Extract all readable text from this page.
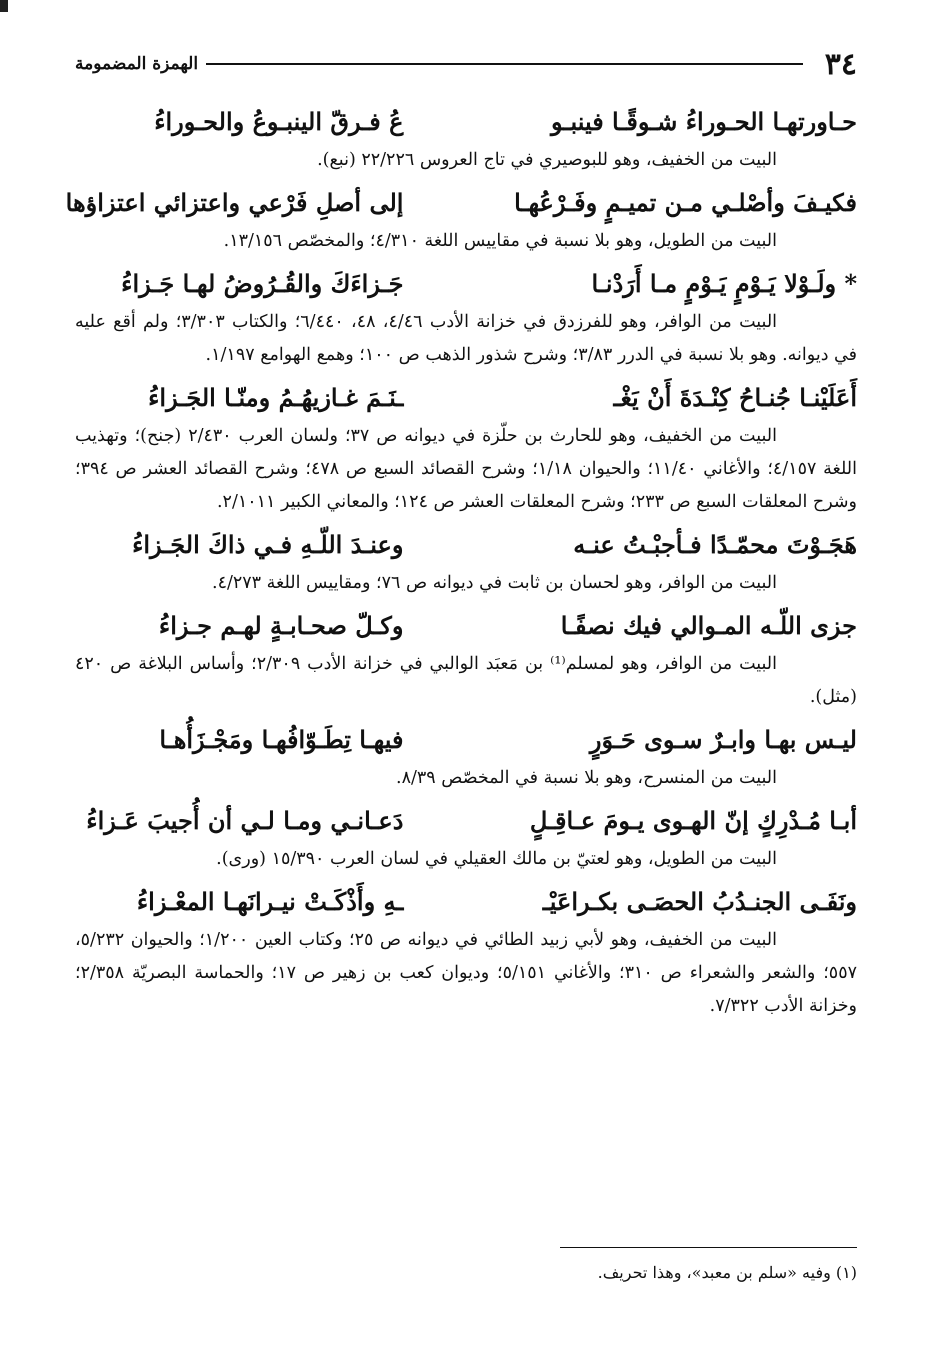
٣٤
الهمزة المضمومة
حـاورتهـا الحـوراءُ شـوقًـا فينبـو
عُ فـرقّ الينبـوعُ والحـوراءُ

البيت من الخفيف، وهو للبوصيري في تاج العروس ٢٢/٢٢٦ (نبع).

فكيـفَ وأصْلـي مـن تميـمٍ وفَـرْعُهـا
إلى أصلِ فَرْعي واعتزائي اعتزاؤها

البيت من الطويل، وهو بلا نسبة في مقاييس اللغة ٤/٣١٠؛ والمخصّص ١٣/١٥٦.

* ولَـوْلا يَـوْمٍ يَـوْمٍ مـا أَرَدْنـا
جَـزاءَكَ والقُـرُوضُ لهـا جَـزاءُ

البيت من الوافر، وهو للفرزدق في خزانة الأدب ٤/٤٦، ٤٨، ٦/٤٤٠؛ والكتاب ٣/٣٠٣؛ ولم أقع عليه في ديوانه. وهو بلا نسبة في الدرر ٣/٨٣؛ وشرح شذور الذهب ص ١٠٠؛ وهمع الهوامع ١/١٩٧.

أَعَلَيْنـا جُنـاحُ كِنْـدَةَ أَنْ يَغْـ
ـنَـمَ غـازيهُـمُ ومنّـا الجَـزاءُ

البيت من الخفيف، وهو للحارث بن حلّزة في ديوانه ص ٣٧؛ ولسان العرب ٢/٤٣٠ (جنح)؛ وتهذيب اللغة ٤/١٥٧؛ والأغاني ١١/٤٠؛ والحيوان ١/١٨؛ وشرح القصائد السبع ص ٤٧٨؛ وشرح القصائد العشر ص ٣٩٤؛ وشرح المعلقات السبع ص ٢٣٣؛ وشرح المعلقات العشر ص ١٢٤؛ والمعاني الكبير ٢/١٠١١.

هَجَـوْتَ محمّـدًا فـأجبْـتُ عنـه
وعنـدَ اللّـهِ فـي ذاكَ الجَـزاءُ

البيت من الوافر، وهو لحسان بن ثابت في ديوانه ص ٧٦؛ ومقاييس اللغة ٤/٢٧٣.

جزى اللّـه المـوالي فيك نصفًـا
وكـلّ صحـابـةٍ لهـم جـزاءُ

البيت من الوافر، وهو لمسلم⁽¹⁾ بن مَعبَد الوالبي في خزانة الأدب ٢/٣٠٩؛ وأساس البلاغة ص ٤٢٠ (مثل).

ليـس بهـا وابـرٌ سـوى حَـوَرٍ
فيهـا تِطَـوّافُهـا ومَجْـزَأُهـا

البيت من المنسرح، وهو بلا نسبة في المخصّص ٨/٣٩.

أبـا مُـدْرِكٍ إنّ الهـوى يـومَ عـاقِـلٍ
دَعـانـي ومـا لـي أن أُجيبَ عَـزاءُ

البيت من الطويل، وهو لعتيّ بن مالك العقيلي في لسان العرب ١٥/٣٩٠ (ورى).

ونَفَـى الجنـدُبُ الحصَـى بكـراعَيْـ
ـهِ وأَذْكَـتْ نيـرانَهـا المعْـزاءُ

البيت من الخفيف، وهو لأبي زبيد الطائي في ديوانه ص ٢٥؛ وكتاب العين ١/٢٠٠؛ والحيوان ٥/٢٣٢، ٥٥٧؛ والشعر والشعراء ص ٣١٠؛ والأغاني ٥/١٥١؛ وديوان كعب بن زهير ص ١٧؛ والحماسة البصريّة ٢/٣٥٨؛ وخزانة الأدب ٧/٣٢٢.

(١) وفيه «سلم بن معبد»، وهذا تحريف.
